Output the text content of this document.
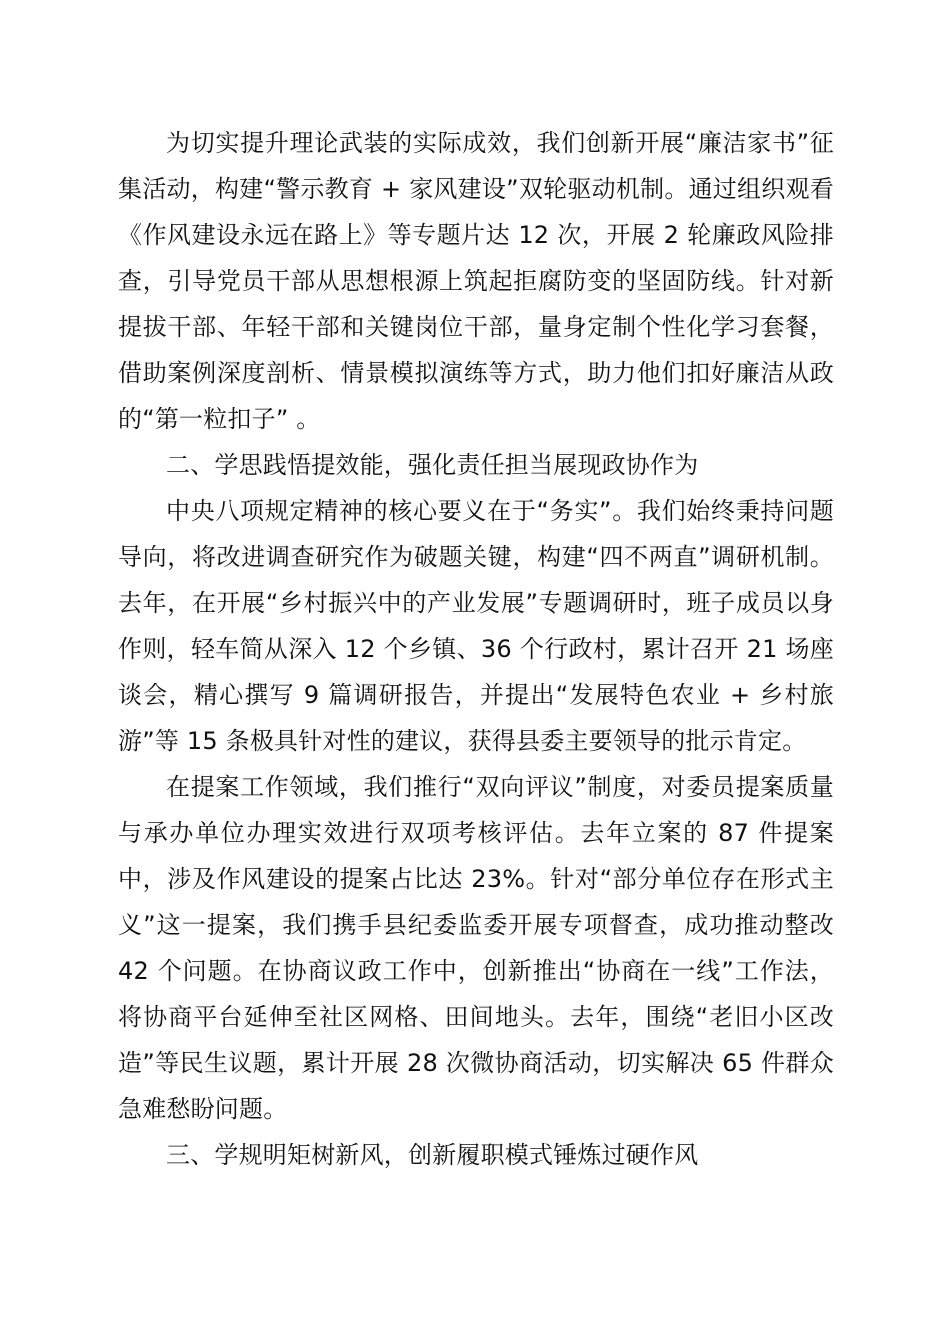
为切实提升理论武装的实际成效，我们创新开展“廉洁家书”征集活动，构建“警示教育 + 家风建设”双轮驱动机制。通过组织观看《作风建设永远在路上》等专题片达 12 次，开展 2 轮廉政风险排查，引导党员干部从思想根源上筑起拒腐防变的坚固防线。针对新提拔干部、年轻干部和关键岗位干部，量身定制个性化学习套餐，借助案例深度剖析、情景模拟演练等方式，助力他们扣好廉洁从政的“第一粒扣子” 。

二、学思践悟提效能，强化责任担当展现政协作为

中央八项规定精神的核心要义在于“务实”。我们始终秉持问题导向，将改进调查研究作为破题关键，构建“四不两直”调研机制。去年，在开展“乡村振兴中的产业发展”专题调研时，班子成员以身作则，轻车简从深入 12 个乡镇、36 个行政村，累计召开 21 场座谈会，精心撰写 9 篇调研报告，并提出“发展特色农业 + 乡村旅游”等 15 条极具针对性的建议，获得县委主要领导的批示肯定。

在提案工作领域，我们推行“双向评议”制度，对委员提案质量与承办单位办理实效进行双项考核评估。去年立案的 87 件提案中，涉及作风建设的提案占比达 23%。针对“部分单位存在形式主义”这一提案，我们携手县纪委监委开展专项督查，成功推动整改 42 个问题。在协商议政工作中，创新推出“协商在一线”工作法，将协商平台延伸至社区网格、田间地头。去年，围绕“老旧小区改造”等民生议题，累计开展 28 次微协商活动，切实解决 65 件群众急难愁盼问题。

三、学规明矩树新风，创新履职模式锤炼过硬作风
